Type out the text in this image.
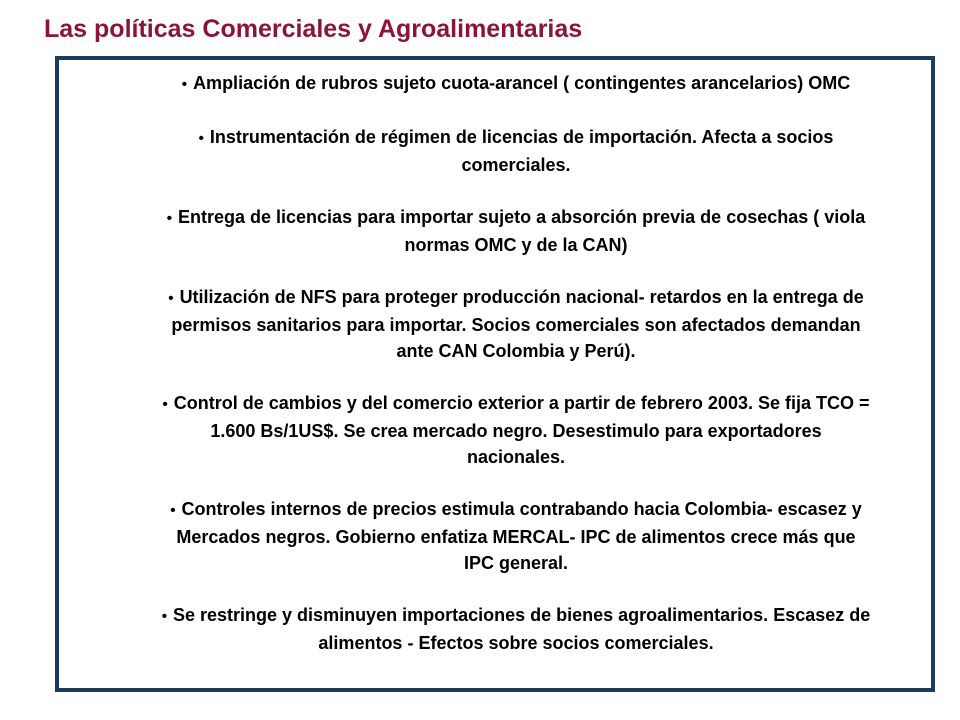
Las políticas Comerciales y Agroalimentarias
• Ampliación de rubros sujeto cuota-arancel ( contingentes arancelarios) OMC
• Instrumentación de régimen de licencias de importación. Afecta a socios comerciales.
• Entrega de licencias para importar sujeto a absorción previa de cosechas ( viola normas OMC y de la CAN)
• Utilización de NFS para proteger producción nacional- retardos en la entrega de permisos sanitarios para importar. Socios comerciales son afectados demandan ante CAN Colombia y Perú).
• Control de cambios y del comercio exterior a partir de febrero 2003. Se fija TCO = 1.600 Bs/1US$. Se crea mercado negro. Desestimulo para exportadores nacionales.
• Controles internos de precios estimula contrabando hacia Colombia- escasez y Mercados negros. Gobierno enfatiza MERCAL- IPC de alimentos crece más que IPC general.
• Se restringe y disminuyen importaciones de bienes agroalimentarios. Escasez de alimentos - Efectos sobre socios comerciales.
